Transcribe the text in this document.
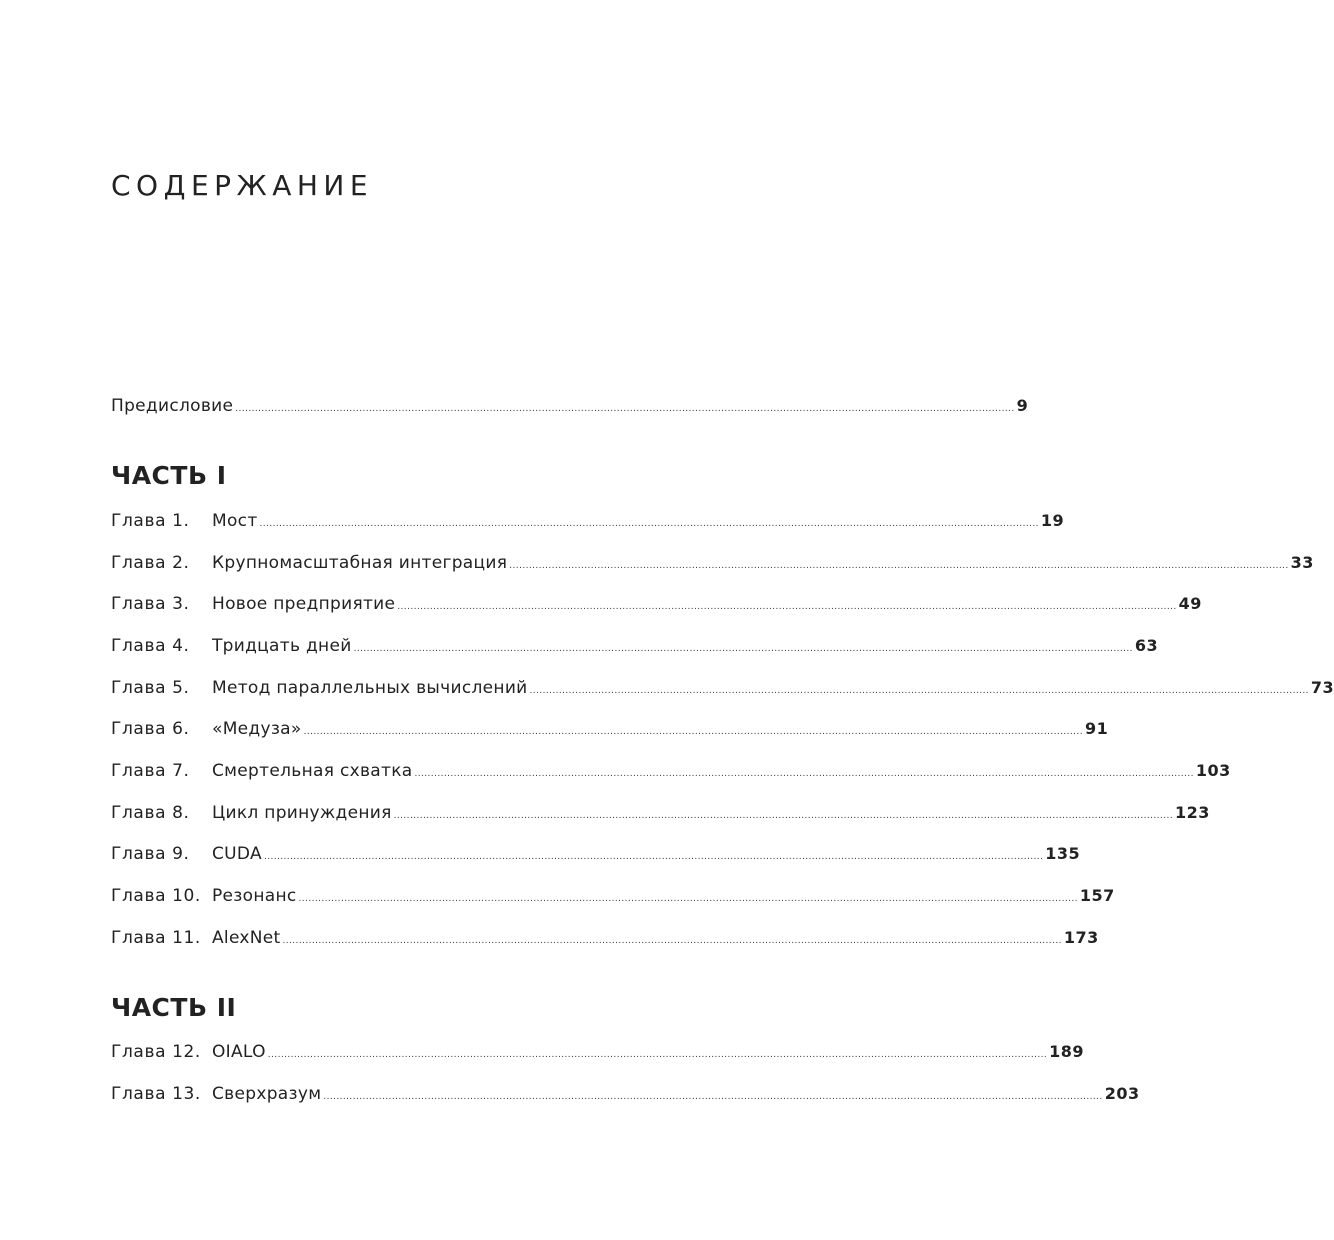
СОДЕРЖАНИЕ
Предисловие ............................................................................................................................................................................................................................................... 9
ЧАСТЬ I
Глава 1.	Мост ............................................................................................................................................................................................................................................... 19
Глава 2.	Крупномасштабная интеграция ............................................................................................................................................................................................................................................... 33
Глава 3.	Новое предприятие ............................................................................................................................................................................................................................................... 49
Глава 4.	Тридцать дней ............................................................................................................................................................................................................................................... 63
Глава 5.	Метод параллельных вычислений ............................................................................................................................................................................................................................................... 73
Глава 6.	«Медуза» ............................................................................................................................................................................................................................................... 91
Глава 7.	Смертельная схватка ............................................................................................................................................................................................................................................... 103
Глава 8.	Цикл принуждения ............................................................................................................................................................................................................................................... 123
Глава 9.	CUDA ............................................................................................................................................................................................................................................... 135
Глава 10. Резонанс ............................................................................................................................................................................................................................................... 157
Глава 11. AlexNet ............................................................................................................................................................................................................................................... 173
ЧАСТЬ II
Глава 12. OIALO ............................................................................................................................................................................................................................................... 189
Глава 13. Сверхразум ............................................................................................................................................................................................................................................... 203
